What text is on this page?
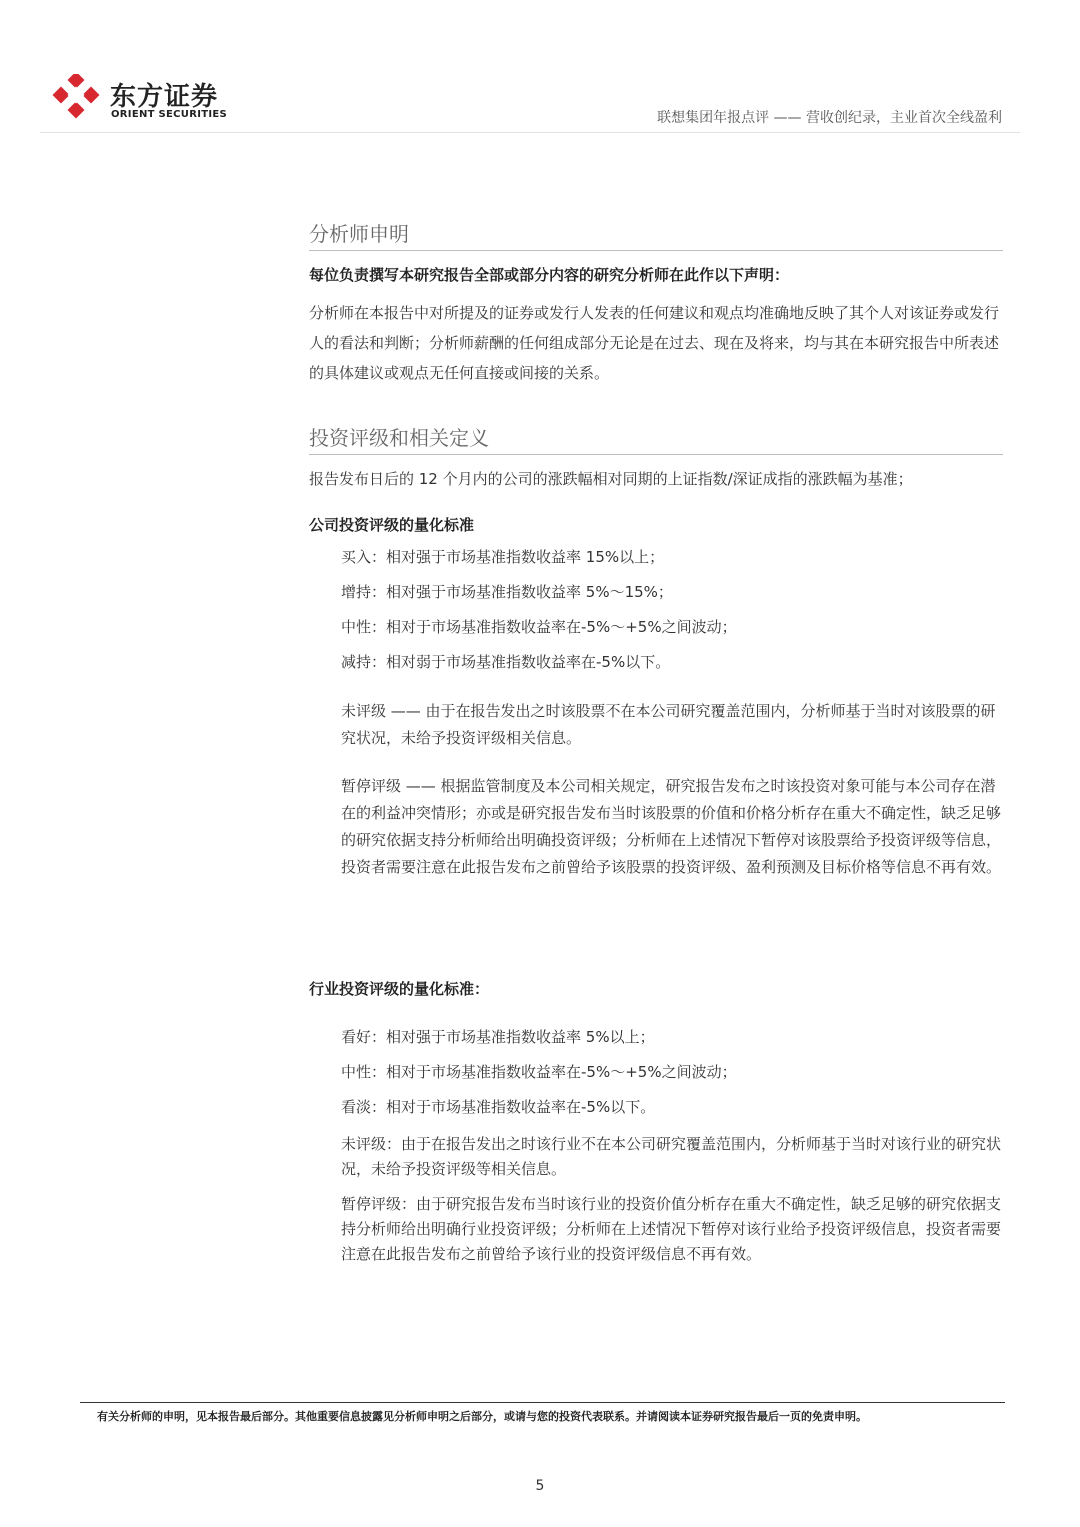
东方证券
ORIENT SECURITIES	联想集团年报点评 —— 营收创纪录，主业首次全线盈利
分析师申明
每位负责撰写本研究报告全部或部分内容的研究分析师在此作以下声明：
分析师在本报告中对所提及的证券或发行人发表的任何建议和观点均准确地反映了其个人对该证券或发行人的看法和判断；分析师薪酬的任何组成部分无论是在过去、现在及将来，均与其在本研究报告中所表述的具体建议或观点无任何直接或间接的关系。
投资评级和相关定义
报告发布日后的 12 个月内的公司的涨跌幅相对同期的上证指数/深证成指的涨跌幅为基准；
公司投资评级的量化标准
买入：相对强于市场基准指数收益率 15%以上；
增持：相对强于市场基准指数收益率 5%～15%；
中性：相对于市场基准指数收益率在-5%～+5%之间波动；
减持：相对弱于市场基准指数收益率在-5%以下。
未评级 —— 由于在报告发出之时该股票不在本公司研究覆盖范围内，分析师基于当时对该股票的研究状况，未给予投资评级相关信息。
暂停评级 —— 根据监管制度及本公司相关规定，研究报告发布之时该投资对象可能与本公司存在潜在的利益冲突情形；亦或是研究报告发布当时该股票的价值和价格分析存在重大不确定性，缺乏足够的研究依据支持分析师给出明确投资评级；分析师在上述情况下暂停对该股票给予投资评级等信息，投资者需要注意在此报告发布之前曾给予该股票的投资评级、盈利预测及目标价格等信息不再有效。
行业投资评级的量化标准：
看好：相对强于市场基准指数收益率 5%以上；
中性：相对于市场基准指数收益率在-5%～+5%之间波动；
看淡：相对于市场基准指数收益率在-5%以下。
未评级：由于在报告发出之时该行业不在本公司研究覆盖范围内，分析师基于当时对该行业的研究状况，未给予投资评级等相关信息。
暂停评级：由于研究报告发布当时该行业的投资价值分析存在重大不确定性，缺乏足够的研究依据支持分析师给出明确行业投资评级；分析师在上述情况下暂停对该行业给予投资评级信息，投资者需要注意在此报告发布之前曾给予该行业的投资评级信息不再有效。
有关分析师的申明，见本报告最后部分。其他重要信息披露见分析师申明之后部分，或请与您的投资代表联系。并请阅读本证券研究报告最后一页的免责申明。
5
